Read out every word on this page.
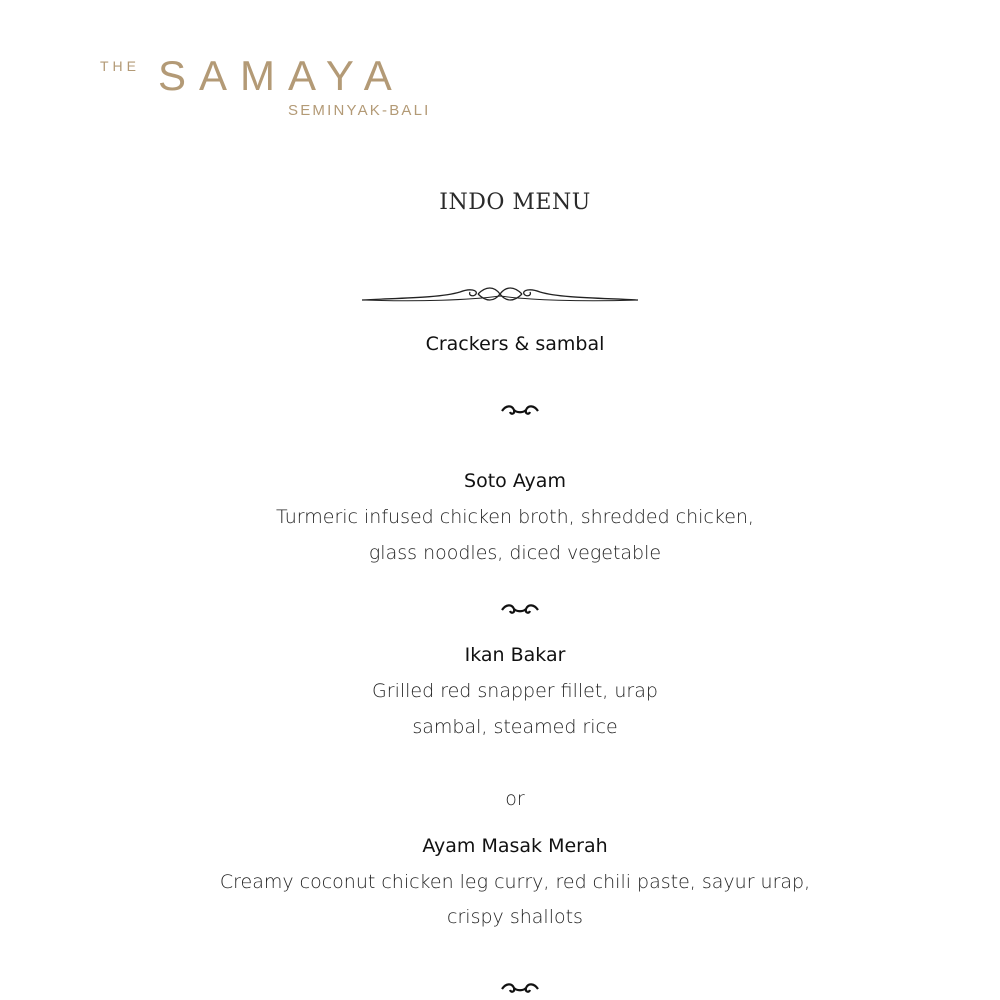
THE SAMAYA
SEMINYAK-BALI
INDO MENU
Crackers & sambal
Soto Ayam
Turmeric infused chicken broth, shredded chicken,
glass noodles, diced vegetable
Ikan Bakar
Grilled red snapper fillet, urap
sambal, steamed rice
or
Ayam Masak Merah
Creamy coconut chicken leg curry, red chili paste, sayur urap,
crispy shallots
